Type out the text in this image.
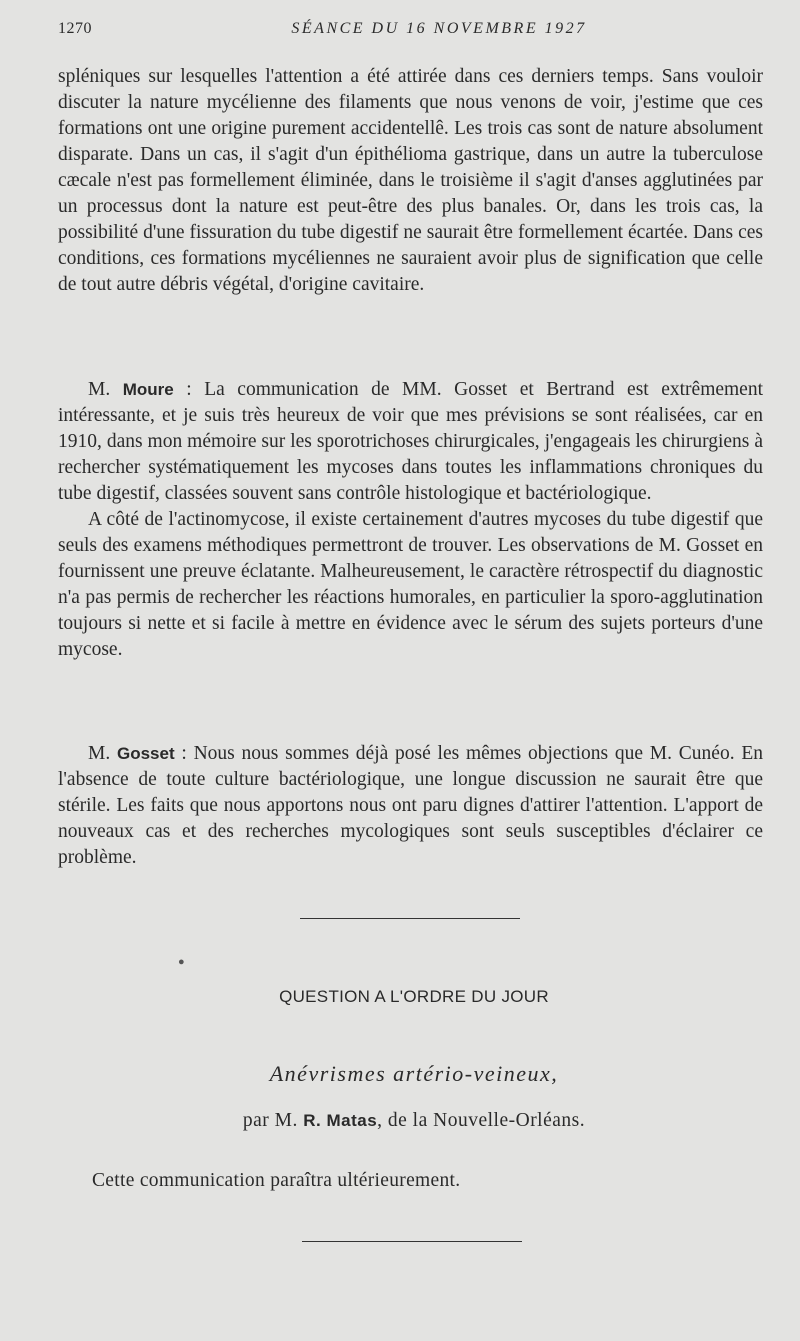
1270	SÉANCE DU 16 NOVEMBRE 1927

spléniques sur lesquelles l'attention a été attirée dans ces derniers temps. Sans vouloir discuter la nature mycélienne des filaments que nous venons de voir, j'estime que ces formations ont une origine purement accidentellê. Les trois cas sont de nature absolument disparate. Dans un cas, il s'agit d'un épithélioma gastrique, dans un autre la tuberculose cæcale n'est pas formellement éliminée, dans le troisième il s'agit d'anses agglutinées par un processus dont la nature est peut-être des plus banales. Or, dans les trois cas, la possibilité d'une fissuration du tube digestif ne saurait être formellement écartée. Dans ces conditions, ces formations mycéliennes ne sauraient avoir plus de signification que celle de tout autre débris végétal, d'origine cavitaire.

M. Moure : La communication de MM. Gosset et Bertrand est extrêmement intéressante, et je suis très heureux de voir que mes prévisions se sont réalisées, car en 1910, dans mon mémoire sur les sporotrichoses chirurgicales, j'engageais les chirurgiens à rechercher systématiquement les mycoses dans toutes les inflammations chroniques du tube digestif, classées souvent sans contrôle histologique et bactériologique.

A côté de l'actinomycose, il existe certainement d'autres mycoses du tube digestif que seuls des examens méthodiques permettront de trouver. Les observations de M. Gosset en fournissent une preuve éclatante. Malheureusement, le caractère rétrospectif du diagnostic n'a pas permis de rechercher les réactions humorales, en particulier la sporo-agglutination toujours si nette et si facile à mettre en évidence avec le sérum des sujets porteurs d'une mycose.

M. Gosset : Nous nous sommes déjà posé les mêmes objections que M. Cunéo. En l'absence de toute culture bactériologique, une longue discussion ne saurait être que stérile. Les faits que nous apportons nous ont paru dignes d'attirer l'attention. L'apport de nouveaux cas et des recherches mycologiques sont seuls susceptibles d'éclairer ce problème.

●
QUESTION A L'ORDRE DU JOUR
Anévrismes artério-veineux,
par M. R. Matas, de la Nouvelle-Orléans.
Cette communication paraîtra ultérieurement.
